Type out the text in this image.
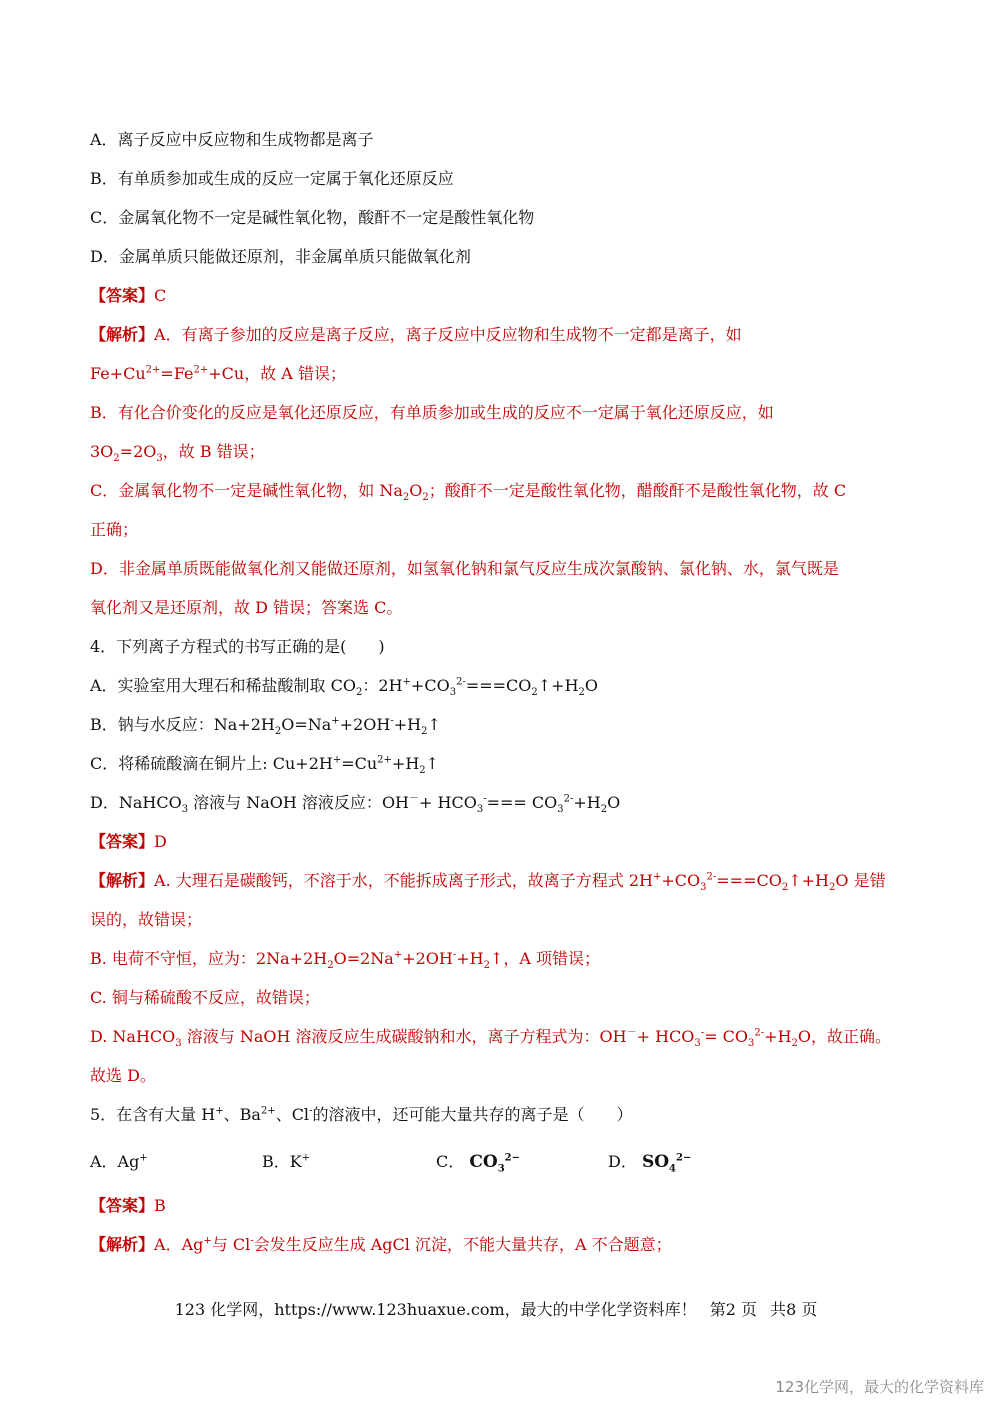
A．离子反应中反应物和生成物都是离子
B．有单质参加或生成的反应一定属于氧化还原反应
C．金属氧化物不一定是碱性氧化物，酸酐不一定是酸性氧化物
D．金属单质只能做还原剂，非金属单质只能做氧化剂
【答案】C
【解析】A．有离子参加的反应是离子反应，离子反应中反应物和生成物不一定都是离子，如
$Fe+Cu^{2+}=Fe^{2+}+Cu$，故 A 错误；
B．有化合价变化的反应是氧化还原反应，有单质参加或生成的反应不一定属于氧化还原反应，如
$3O_2=2O_3$，故 B 错误；
C．金属氧化物不一定是碱性氧化物，如 $Na_2O_2$；酸酐不一定是酸性氧化物，醋酸酐不是酸性氧化物，故 C
正确；
D．非金属单质既能做氧化剂又能做还原剂，如氢氧化钠和氯气反应生成次氯酸钠、氯化钠、水，氯气既是
氧化剂又是还原剂，故 D 错误；答案选 C。
4．下列离子方程式的书写正确的是(　　)
A．实验室用大理石和稀盐酸制取 $CO_2$：$2H^++CO_3^{2-}===CO_2↑+H_2O$
B．钠与水反应：$Na+2H_2O=Na^++2OH^-+H_2↑$
C．将稀硫酸滴在铜片上: $Cu+2H^+=Cu^{2+}+H_2↑$
D．NaHCO$_3$ 溶液与 NaOH 溶液反应：$OH^-+ HCO_3^-=== CO_3^{2-}+H_2O$
【答案】D
【解析】A. 大理石是碳酸钙，不溶于水，不能拆成离子形式，故离子方程式 $2H^++CO_3^{2-}===CO_2↑+H_2O$ 是错
误的，故错误；
B. 电荷不守恒，应为：$2Na+2H_2O=2Na^++2OH^-+H_2↑$，A 项错误；
C. 铜与稀硫酸不反应，故错误；
D. NaHCO$_3$ 溶液与 NaOH 溶液反应生成碳酸钠和水，离子方程式为：$OH^-+ HCO_3^-= CO_3^{2-}+H_2O$，故正确。
故选 D。
5．在含有大量 H+、$Ba^{2+}$、Cl-的溶液中，还可能大量共存的离子是（　　）
A．Ag+	B．K+	C． $CO_3^{2-}$	D． $SO_4^{2-}$
【答案】B
【解析】A．Ag+与 Cl-会发生反应生成 AgCl 沉淀，不能大量共存，A 不合题意；
123 化学网，https://www.123huaxue.com，最大的中学化学资料库！ 第2 页 共8 页
123化学网，最大的化学资料库
